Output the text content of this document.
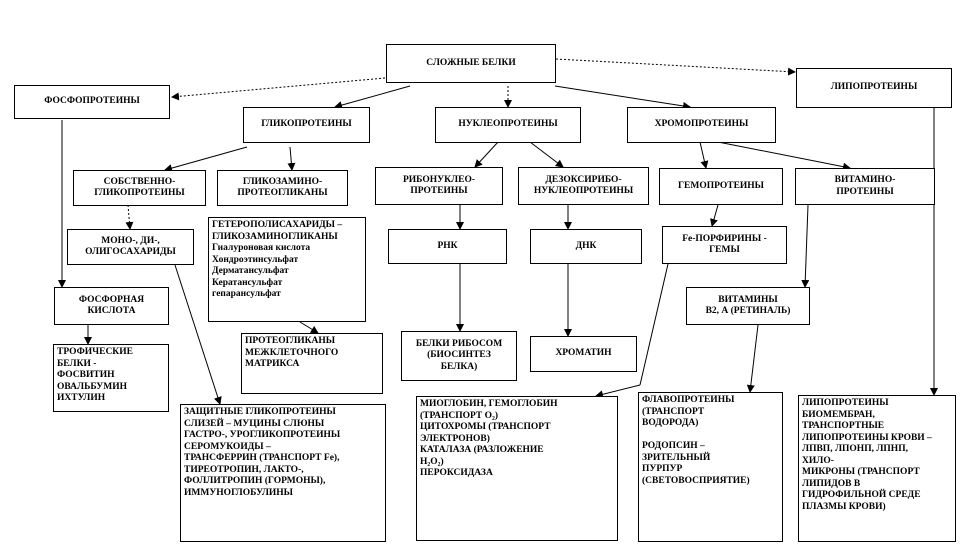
СЛОЖНЫЕ БЕЛКИ
ФОСФОПРОТЕИНЫ
ЛИПОПРОТЕИНЫ
ГЛИКОПРОТЕИНЫ	НУКЛЕОПРОТЕИНЫ	ХРОМОПРОТЕИНЫ
СОБСТВЕННО-
ГЛИКОПРОТЕИНЫ
ГЛИКОЗАМИНО-
ПРОТЕОГЛИКАНЫ
РИБОНУКЛЕО-
ПРОТЕИНЫ
ДЕЗОКСИРИБО-
НУКЛЕОПРОТЕИНЫ
ГЕМОПРОТЕИНЫ
ВИТАМИНО-
ПРОТЕИНЫ
МОНО-, ДИ-,
ОЛИГОСАХАРИДЫ
ГЕТЕРОПОЛИСАХАРИДЫ –
ГЛИКОЗАМИНОГЛИКАНЫ
Гиалуроновая кислота
Хондроэтинсульфат
Дерматансульфат
Кератансульфат
гепарансульфат
РНК	ДНК
Fe-ПОРФИРИНЫ -
ГЕМЫ
ФОСФОРНАЯ
КИСЛОТА
ВИТАМИНЫ
В2, А (РЕТИНАЛЬ)
ПРОТЕОГЛИКАНЫ
МЕЖКЛЕТОЧНОГО
МАТРИКСА
БЕЛКИ РИБОСОМ
(БИОСИНТЕЗ
БЕЛКА)
ХРОМАТИН
ТРОФИЧЕСКИЕ
БЕЛКИ -
ФОСВИТИН
ОВАЛЬБУМИН
ИХТУЛИН
ЗАЩИТНЫЕ ГЛИКОПРОТЕИНЫ
СЛИЗЕЙ – МУЦИНЫ СЛЮНЫ
ГАСТРО-, УРОГЛИКОПРОТЕИНЫ
СЕРОМУКОИДЫ –
ТРАНСФЕРРИН (ТРАНСПОРТ Fe),
ТИРЕОТРОПИН, ЛАКТО-,
ФОЛЛИТРОПИН (ГОРМОНЫ),
ИММУНОГЛОБУЛИНЫ
МИОГЛОБИН, ГЕМОГЛОБИН
(ТРАНСПОРТ O₂)
ЦИТОХРОМЫ (ТРАНСПОРТ
ЭЛЕКТРОНОВ)
КАТАЛАЗА (РАЗЛОЖЕНИЕ
H₂O₂)
ПЕРОКСИДАЗА
ФЛАВОПРОТЕИНЫ
(ТРАНСПОРТ
ВОДОРОДА)

РОДОПСИН –
ЗРИТЕЛЬНЫЙ
ПУРПУР
(СВЕТОВОСПРИЯТИЕ)
ЛИПОПРОТЕИНЫ
БИОМЕМБРАН,
ТРАНСПОРТНЫЕ
ЛИПОПРОТЕИНЫ КРОВИ –
ЛПВП, ЛПОНП, ЛПНП,
ХИЛО-
МИКРОНЫ (ТРАНСПОРТ
ЛИПИДОВ В
ГИДРОФИЛЬНОЙ СРЕДЕ
ПЛАЗМЫ КРОВИ)
